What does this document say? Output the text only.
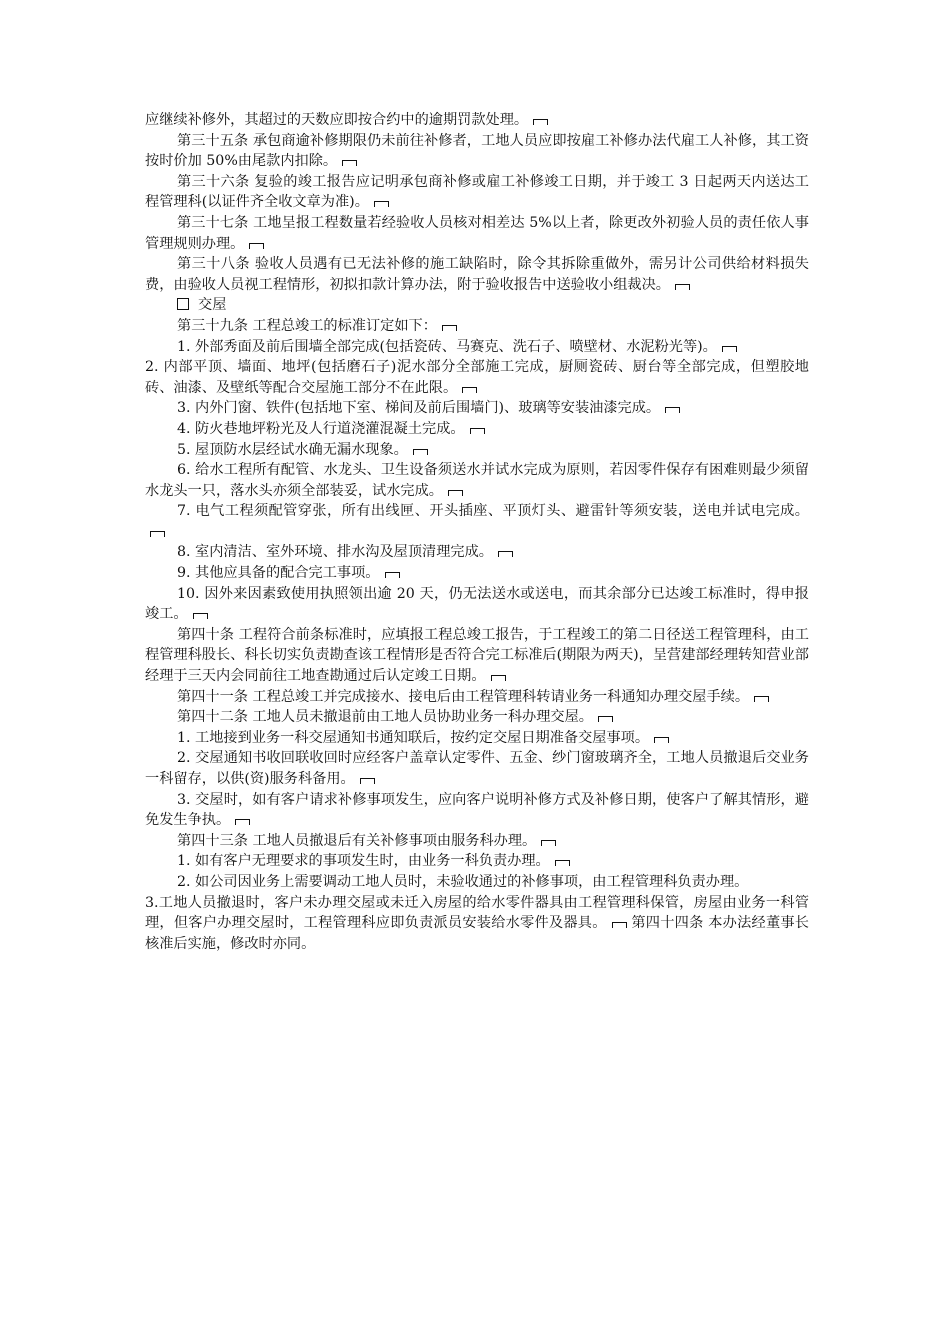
应继续补修外，其超过的天数应即按合约中的逾期罚款处理。

第三十五条 承包商逾补修期限仍未前往补修者，工地人员应即按雇工补修办法代雇工人补修，其工资按时价加 50%由尾款内扣除。

第三十六条 复验的竣工报告应记明承包商补修或雇工补修竣工日期，并于竣工 3 日起两天内送达工程管理科(以证件齐全收文章为准)。

第三十七条 工地呈报工程数量若经验收人员核对相差达 5%以上者，除更改外初验人员的责任依人事管理规则办理。

第三十八条 验收人员遇有已无法补修的施工缺陷时，除令其拆除重做外，需另计公司供给材料损失费，由验收人员视工程情形，初拟扣款计算办法，附于验收报告中送验收小组裁决。

交屋

第三十九条 工程总竣工的标准订定如下：

1. 外部秀面及前后围墙全部完成(包括瓷砖、马赛克、洗石子、喷壁材、水泥粉光等)。

2. 内部平顶、墙面、地坪(包括磨石子)泥水部分全部施工完成，厨厕瓷砖、厨台等全部完成，但塑胶地砖、油漆、及壁纸等配合交屋施工部分不在此限。

3. 内外门窗、铁件(包括地下室、梯间及前后围墙门)、玻璃等安装油漆完成。

4. 防火巷地坪粉光及人行道浇灌混凝土完成。

5. 屋顶防水层经试水确无漏水现象。

6. 给水工程所有配管、水龙头、卫生设备须送水并试水完成为原则，若因零件保存有困难则最少须留水龙头一只，落水头亦须全部装妥，试水完成。

7. 电气工程须配管穿张，所有出线匣、开头插座、平顶灯头、避雷针等须安装，送电并试电完成。

8. 室内清洁、室外环境、排水沟及屋顶清理完成。

9. 其他应具备的配合完工事项。

10. 因外来因素致使用执照领出逾 20 天，仍无法送水或送电，而其余部分已达竣工标准时，得申报竣工。

第四十条 工程符合前条标准时，应填报工程总竣工报告，于工程竣工的第二日径送工程管理科，由工程管理科股长、科长切实负责勘查该工程情形是否符合完工标准后(期限为两天)，呈营建部经理转知营业部经理于三天内会同前往工地查勘通过后认定竣工日期。

第四十一条 工程总竣工并完成接水、接电后由工程管理科转请业务一科通知办理交屋手续。

第四十二条 工地人员未撤退前由工地人员协助业务一科办理交屋。

1. 工地接到业务一科交屋通知书通知联后，按约定交屋日期准备交屋事项。

2. 交屋通知书收回联收回时应经客户盖章认定零件、五金、纱门窗玻璃齐全，工地人员撤退后交业务一科留存，以供(资)服务科备用。

3. 交屋时，如有客户请求补修事项发生，应向客户说明补修方式及补修日期，使客户了解其情形，避免发生争执。

第四十三条 工地人员撤退后有关补修事项由服务科办理。

1. 如有客户无理要求的事项发生时，由业务一科负责办理。

2. 如公司因业务上需要调动工地人员时，未验收通过的补修事项，由工程管理科负责办理。

3.工地人员撤退时，客户未办理交屋或未迁入房屋的给水零件器具由工程管理科保管，房屋由业务一科管理，但客户办理交屋时，工程管理科应即负责派员安装给水零件及器具。 第四十四条 本办法经董事长核准后实施，修改时亦同。
